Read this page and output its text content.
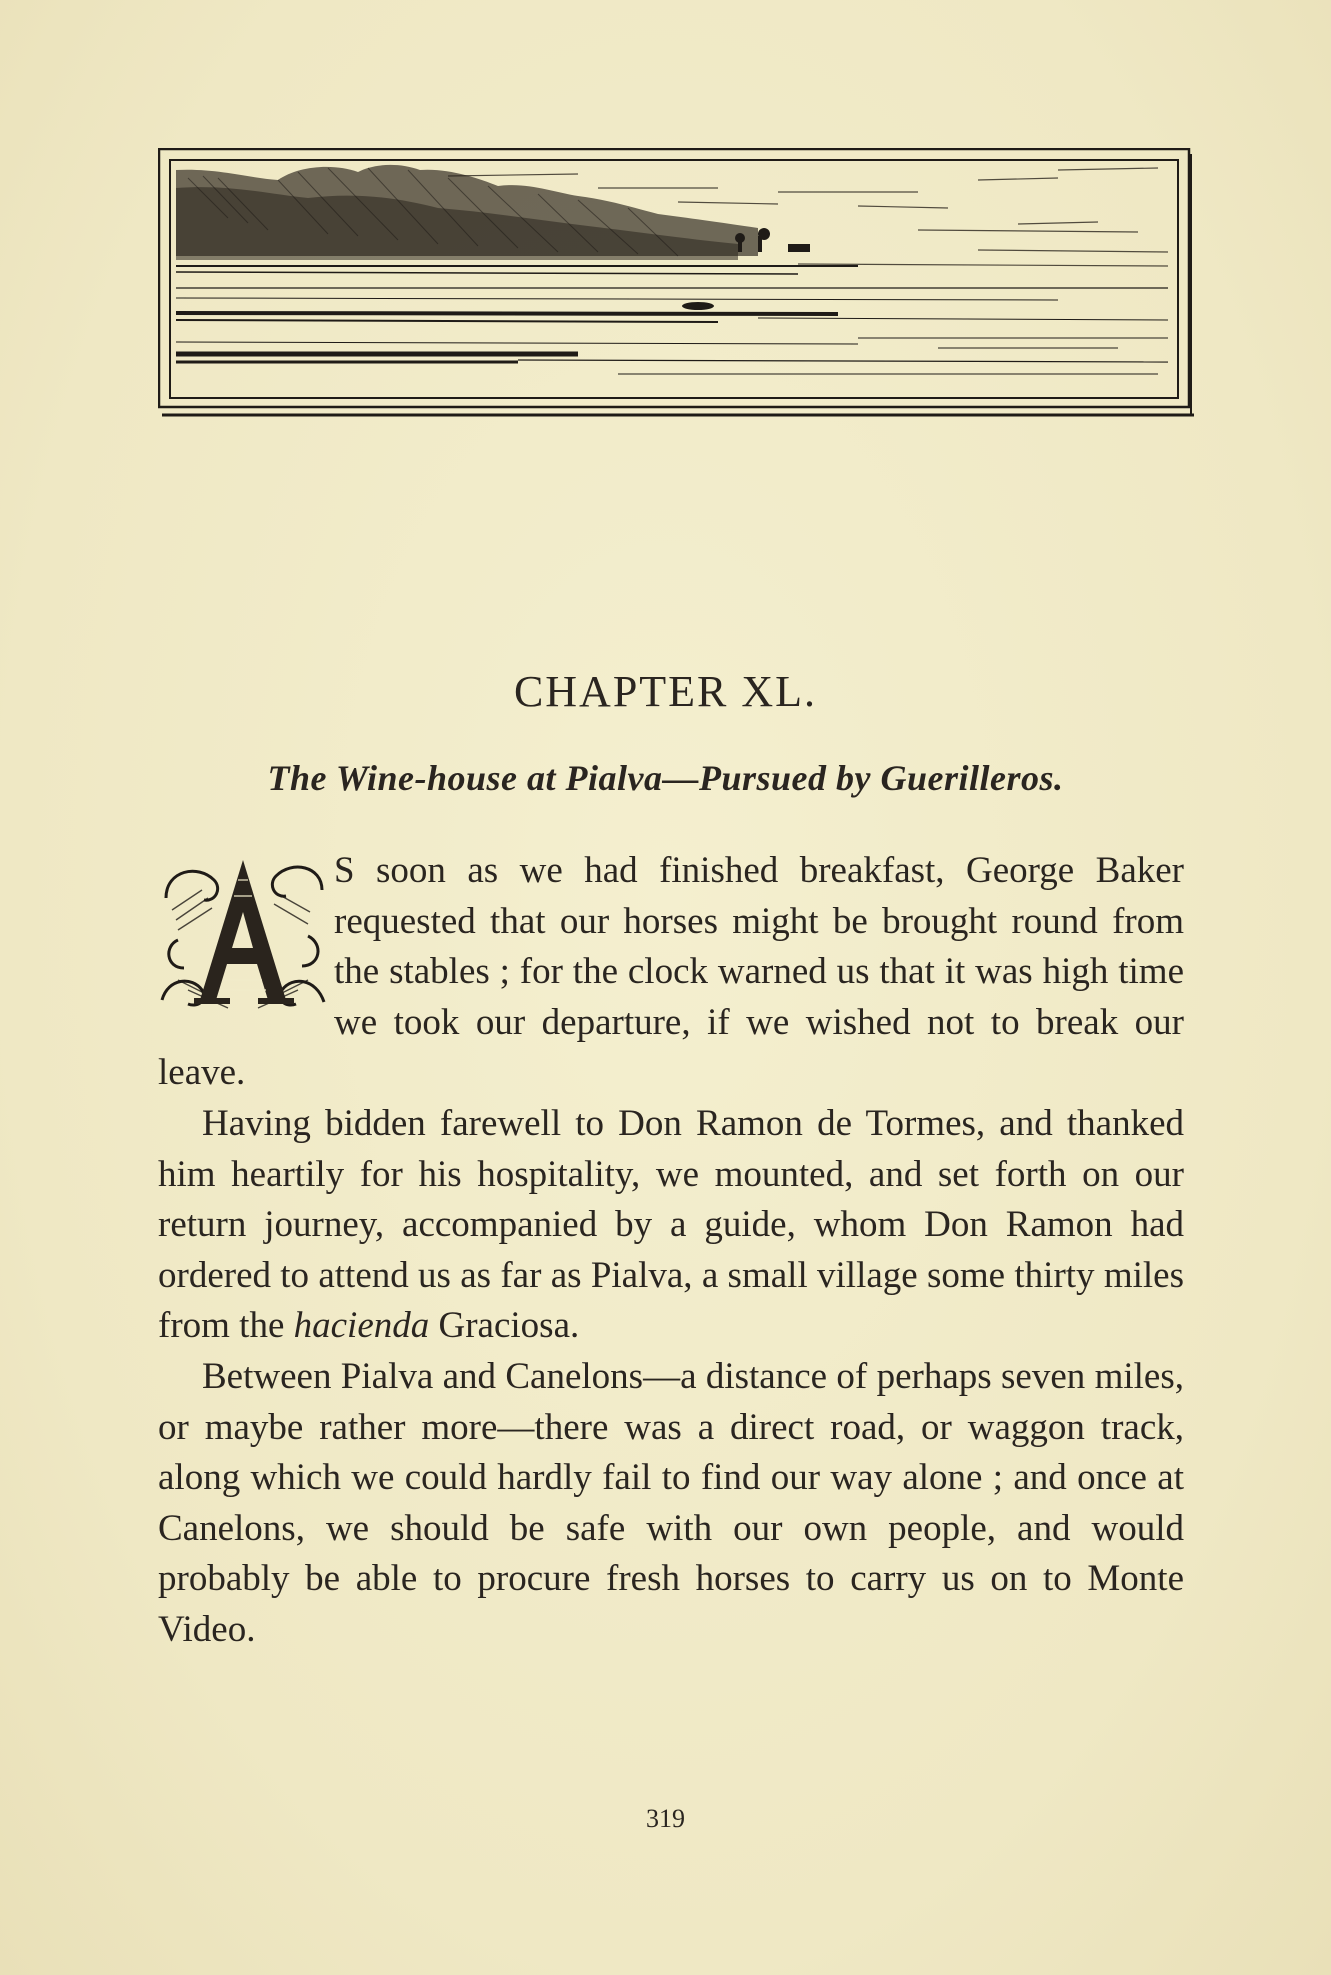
CHAPTER XL.
The Wine-house at Pialva—Pursued by Guerilleros.

S soon as we had finished breakfast, George Baker requested that our horses might be brought round from the stables ; for the clock warned us that it was high time we took our departure, if we wished not to break our leave.

Having bidden farewell to Don Ramon de Tormes, and thanked him heartily for his hospitality, we mounted, and set forth on our return journey, accompanied by a guide, whom Don Ramon had ordered to attend us as far as Pialva, a small village some thirty miles from the hacienda Graciosa.

Between Pialva and Canelons—a distance of perhaps seven miles, or maybe rather more—there was a direct road, or waggon track, along which we could hardly fail to find our way alone ; and once at Canelons, we should be safe with our own people, and would probably be able to procure fresh horses to carry us on to Monte Video.

319
